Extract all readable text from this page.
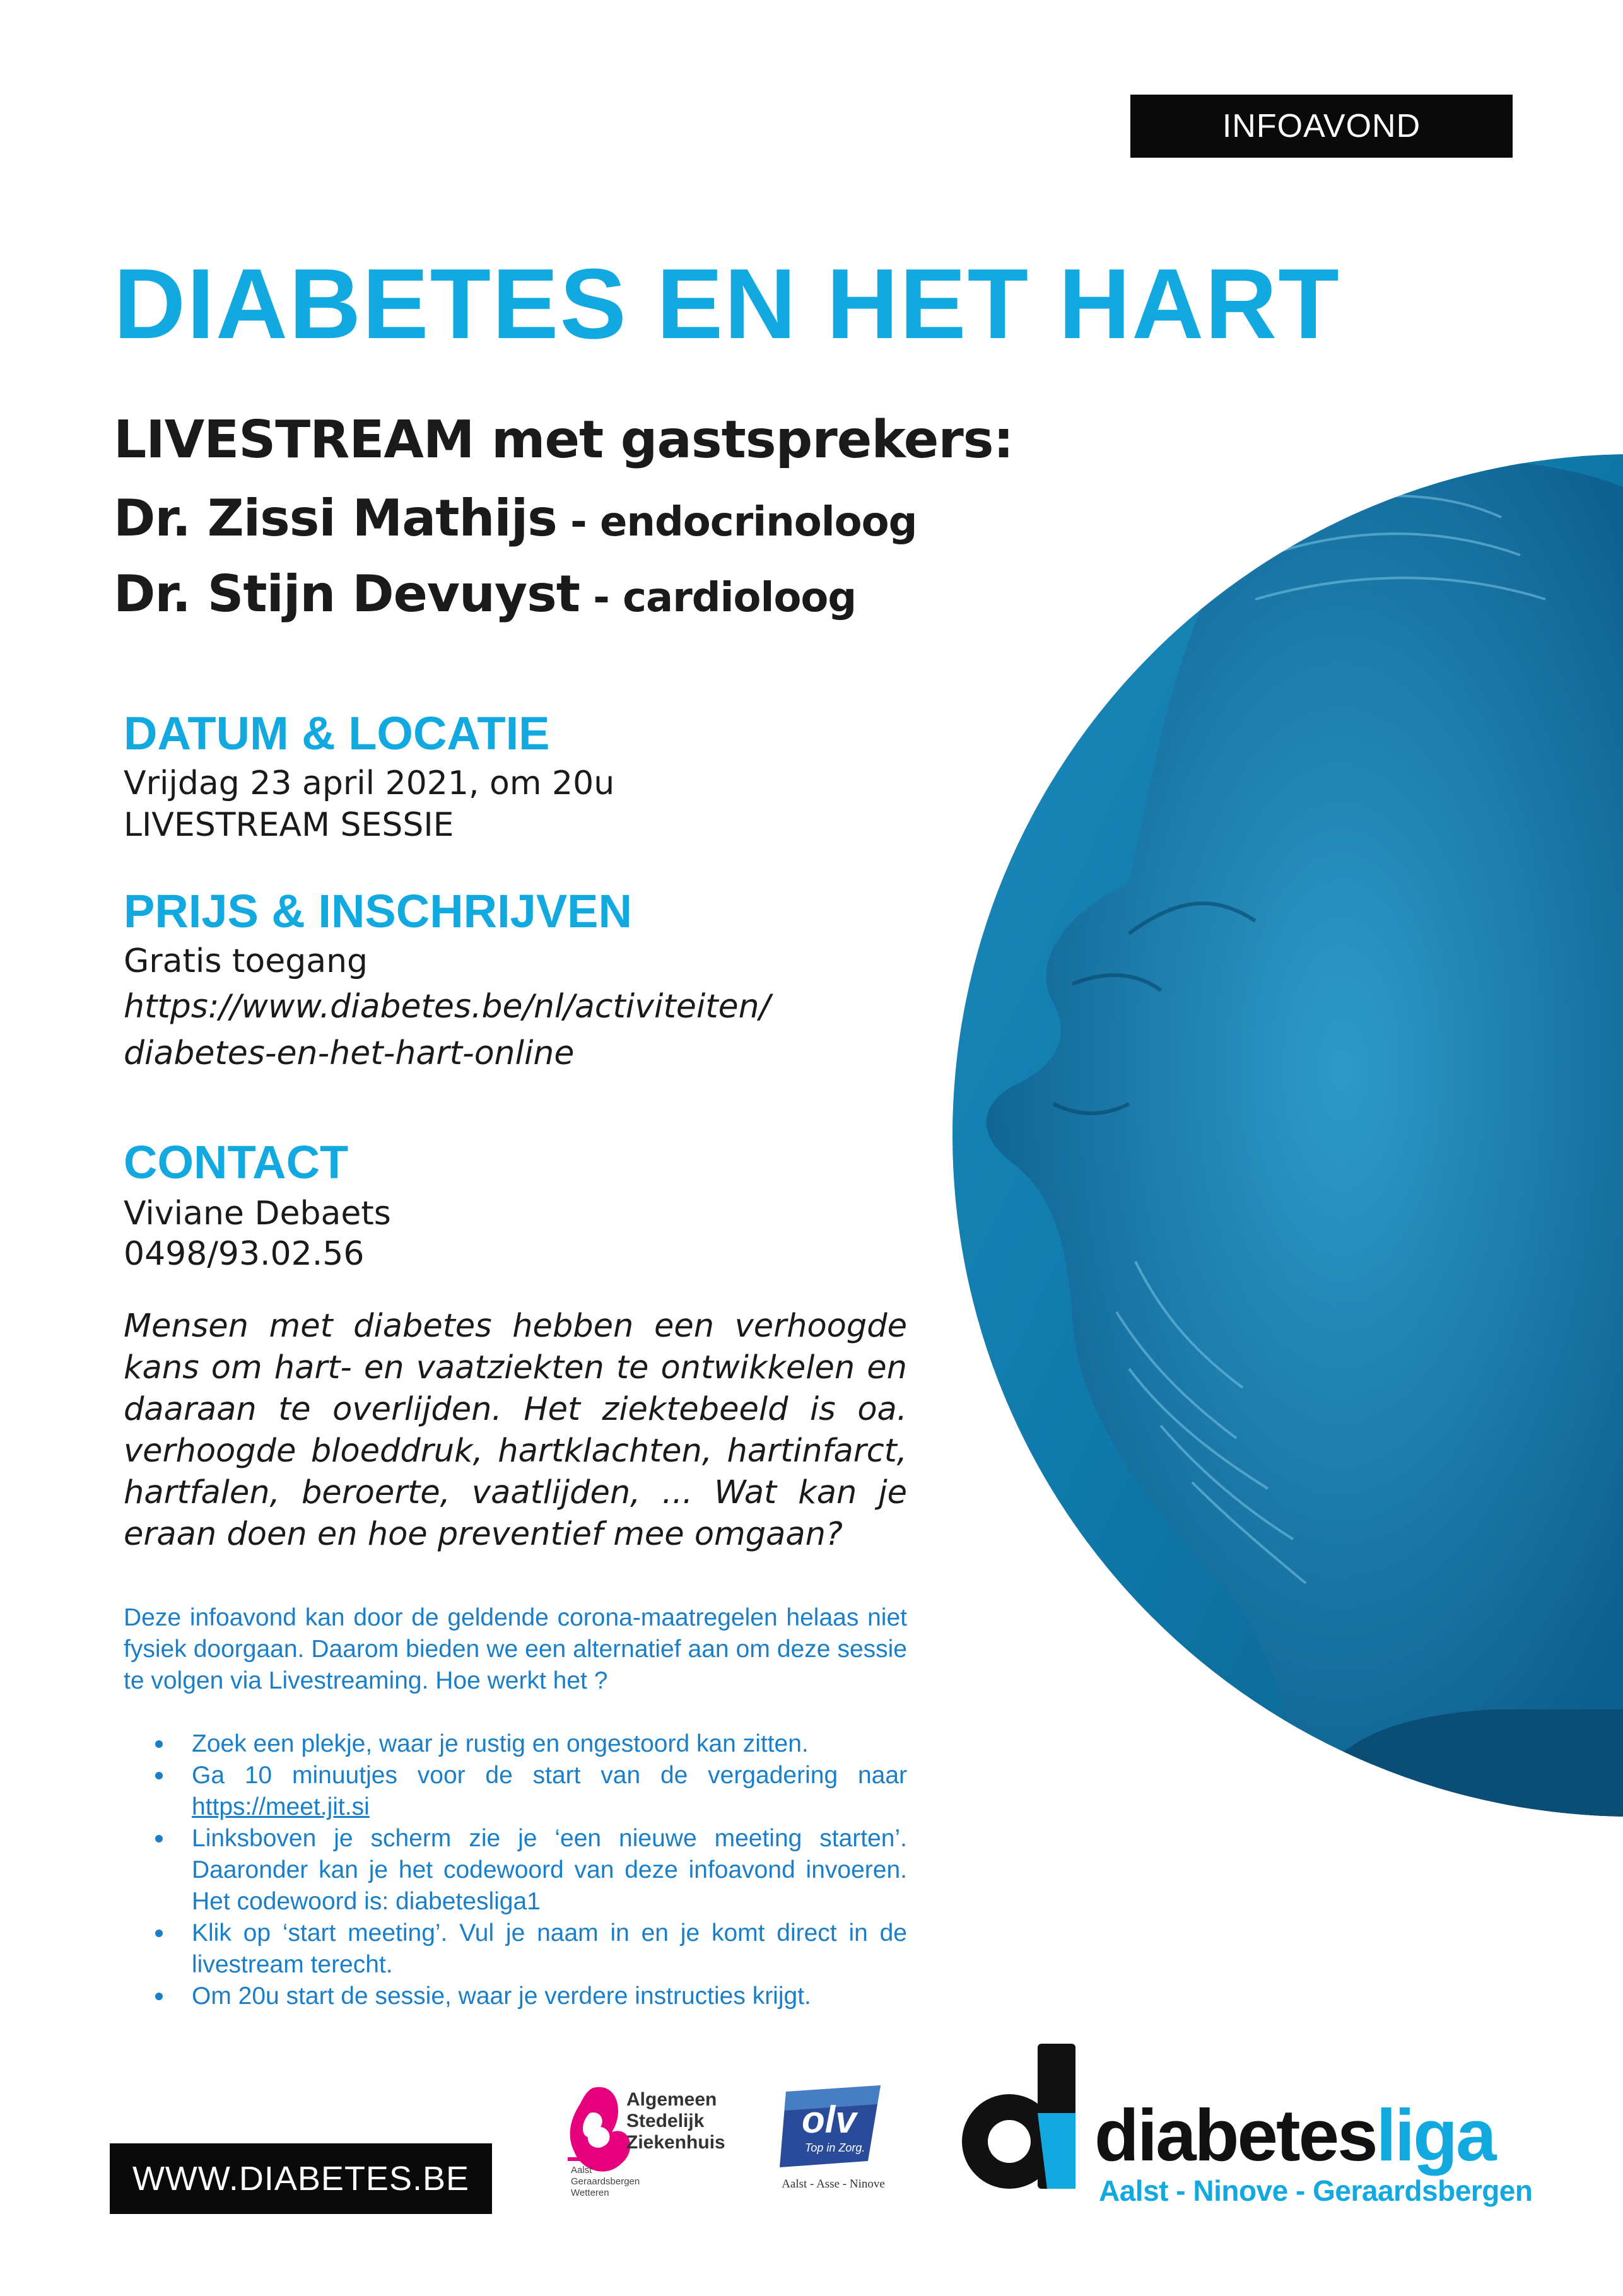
INFOAVOND
DIABETES EN HET HART
LIVESTREAM met gastsprekers:
Dr. Zissi Mathijs - endocrinoloog
Dr. Stijn Devuyst - cardioloog
DATUM & LOCATIE
Vrijdag 23 april 2021, om 20u
LIVESTREAM SESSIE
PRIJS & INSCHRIJVEN
Gratis toegang
https://www.diabetes.be/nl/activiteiten/
diabetes-en-het-hart-online
CONTACT
Viviane Debaets
0498/93.02.56
Mensen met diabetes hebben een verhoogde kans om hart- en vaatziekten te ontwikkelen en daaraan te overlijden. Het ziektebeeld is oa. verhoogde bloeddruk, hartklachten, hartinfarct, hartfalen, beroerte, vaatlijden, ... Wat kan je eraan doen en hoe preventief mee omgaan?
Deze infoavond kan door de geldende corona-maatregelen helaas niet fysiek doorgaan. Daarom bieden we een alternatief aan om deze sessie te volgen via Livestreaming. Hoe werkt het ?
Zoek een plekje, waar je rustig en ongestoord kan zitten.
Ga 10 minuutjes voor de start van de vergadering naar https://meet.jit.si
Linksboven je scherm zie je ‘een nieuwe meeting starten’. Daaronder kan je het codewoord van deze infoavond invoeren. Het codewoord is: diabetesliga1
Klik op ‘start meeting’. Vul je naam in en je komt direct in de livestream terecht.
Om 20u start de sessie, waar je verdere instructies krijgt.
WWW.DIABETES.BE
Algemeen
Stedelijk
Ziekenhuis
Aalst
Geraardsbergen
Wetteren
olv
Top in Zorg.
Aalst - Asse - Ninove
diabetesliga
Aalst - Ninove - Geraardsbergen
